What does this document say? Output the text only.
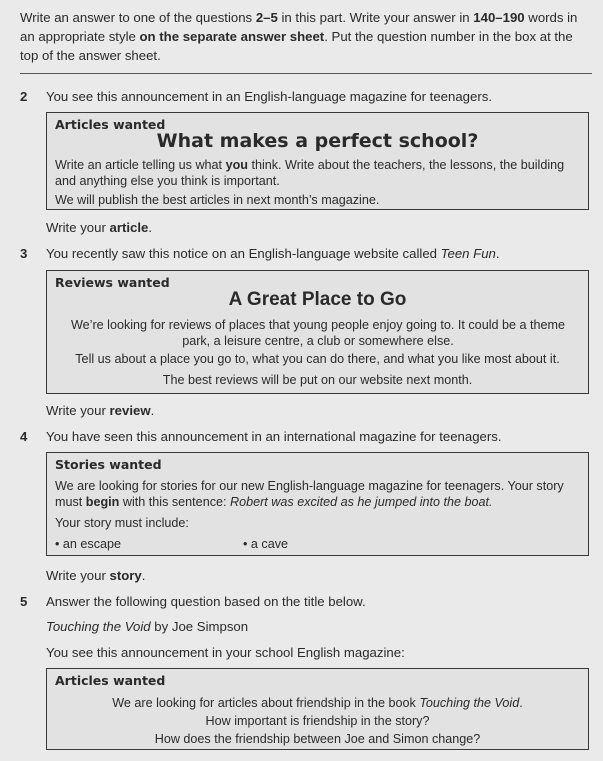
Write an answer to one of the questions 2–5 in this part. Write your answer in 140–190 words in an appropriate style on the separate answer sheet. Put the question number in the box at the top of the answer sheet.
2 You see this announcement in an English-language magazine for teenagers.
Articles wanted
What makes a perfect school?

Write an article telling us what you think. Write about the teachers, the lessons, the building and anything else you think is important.

We will publish the best articles in next month’s magazine.

Write your article.
3 You recently saw this notice on an English-language website called Teen Fun.
Reviews wanted
A Great Place to Go

We’re looking for reviews of places that young people enjoy going to. It could be a theme park, a leisure centre, a club or somewhere else.

Tell us about a place you go to, what you can do there, and what you like most about it.

The best reviews will be put on our website next month.

Write your review.
4 You have seen this announcement in an international magazine for teenagers.
Stories wanted

We are looking for stories for our new English-language magazine for teenagers. Your story must begin with this sentence: Robert was excited as he jumped into the boat.

Your story must include:

• an escape	• a cave

Write your story.
5 Answer the following question based on the title below.
Touching the Void by Joe Simpson
You see this announcement in your school English magazine:
Articles wanted

We are looking for articles about friendship in the book Touching the Void.

How important is friendship in the story?

How does the friendship between Joe and Simon change?
